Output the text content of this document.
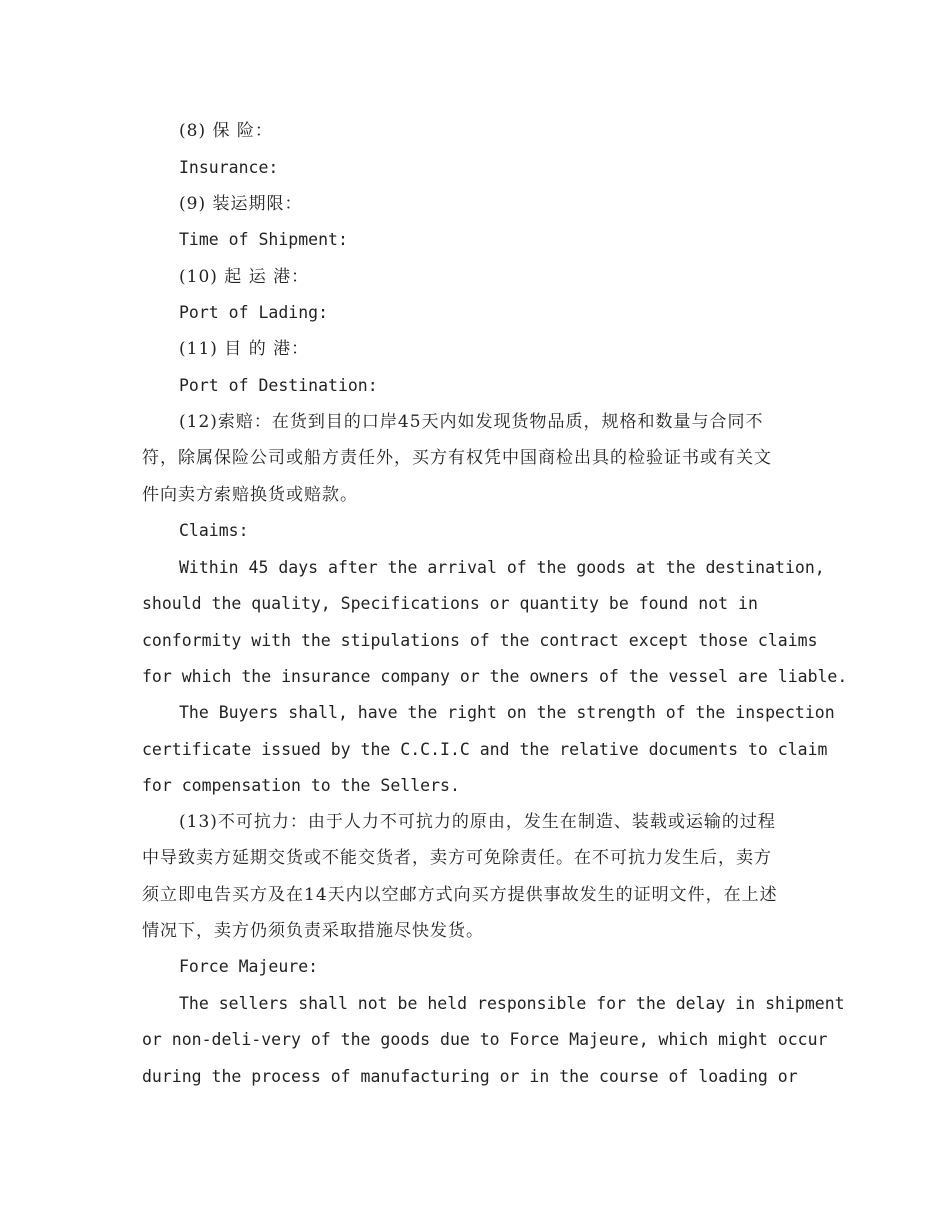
(8) 保 险：

Insurance:

(9) 装运期限：

Time of Shipment:

(10) 起 运 港：

Port of Lading:

(11) 目 的 港：

Port of Destination:

(12)索赔：在货到目的口岸45天内如发现货物品质，规格和数量与合同不

符，除属保险公司或船方责任外，买方有权凭中国商检出具的检验证书或有关文

件向卖方索赔换货或赔款。

Claims:

Within 45 days after the arrival of the goods at the destination,

should the quality, Specifications or quantity be found not in

conformity with the stipulations of the contract except those claims

for which the insurance company or the owners of the vessel are liable.

The Buyers shall, have the right on the strength of the inspection

certificate issued by the C.C.I.C and the relative documents to claim

for compensation to the Sellers.

(13)不可抗力：由于人力不可抗力的原由，发生在制造、装载或运输的过程

中导致卖方延期交货或不能交货者，卖方可免除责任。在不可抗力发生后，卖方

须立即电告买方及在14天内以空邮方式向买方提供事故发生的证明文件，在上述

情况下，卖方仍须负责采取措施尽快发货。

Force Majeure:

The sellers shall not be held responsible for the delay in shipment

or non-deli-very of the goods due to Force Majeure, which might occur

during the process of manufacturing or in the course of loading or
